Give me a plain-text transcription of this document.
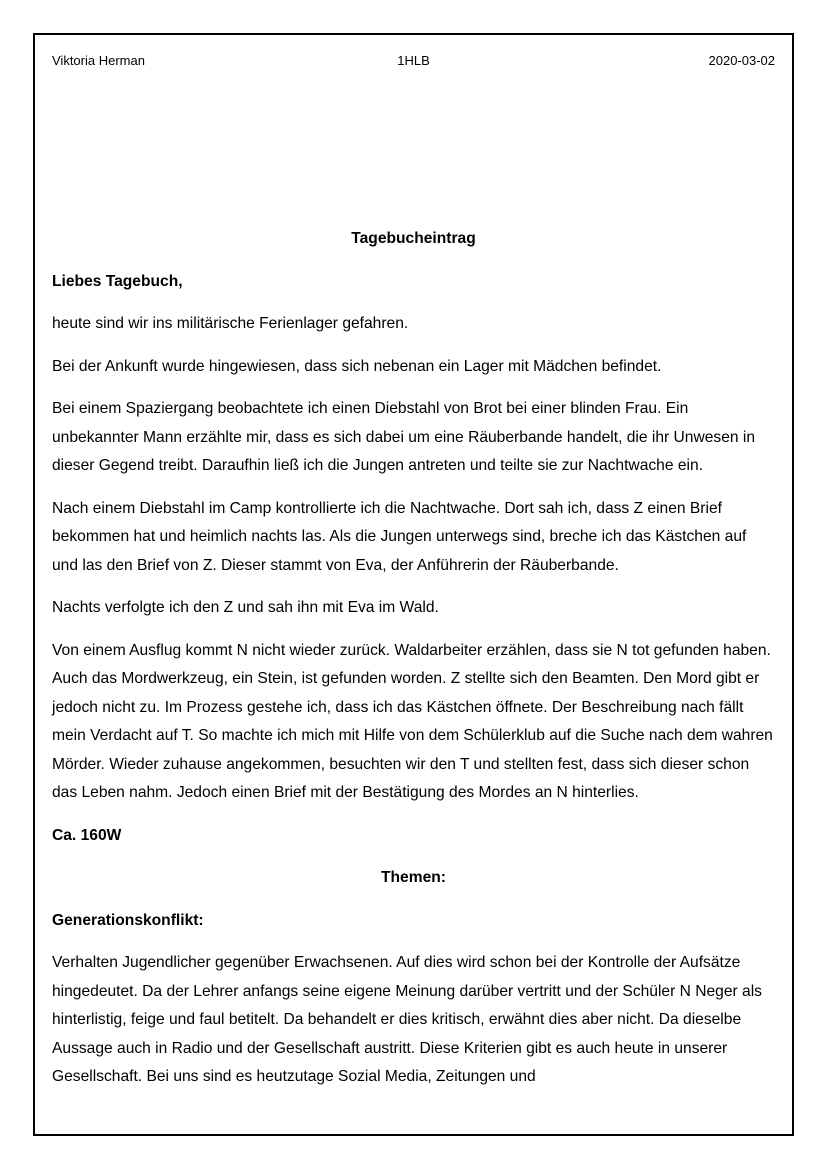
Viktoria Herman	1HLB	2020-03-02

Tagebucheintrag

Liebes Tagebuch,

heute sind wir ins militärische Ferienlager gefahren.

Bei der Ankunft wurde hingewiesen, dass sich nebenan ein Lager mit Mädchen befindet.

Bei einem Spaziergang beobachtete ich einen Diebstahl von Brot bei einer blinden Frau. Ein unbekannter Mann erzählte mir, dass es sich dabei um eine Räuberbande handelt, die ihr Unwesen in dieser Gegend treibt. Daraufhin ließ ich die Jungen antreten und teilte sie zur Nachtwache ein.

Nach einem Diebstahl im Camp kontrollierte ich die Nachtwache. Dort sah ich, dass Z einen Brief bekommen hat und heimlich nachts las. Als die Jungen unterwegs sind, breche ich das Kästchen auf und las den Brief von Z. Dieser stammt von Eva, der Anführerin der Räuberbande.

Nachts verfolgte ich den Z und sah ihn mit Eva im Wald.

Von einem Ausflug kommt N nicht wieder zurück. Waldarbeiter erzählen, dass sie N tot gefunden haben. Auch das Mordwerkzeug, ein Stein, ist gefunden worden. Z stellte sich den Beamten. Den Mord gibt er jedoch nicht zu. Im Prozess gestehe ich, dass ich das Kästchen öffnete. Der Beschreibung nach fällt mein Verdacht auf T. So machte ich mich mit Hilfe von dem Schülerklub auf die Suche nach dem wahren Mörder. Wieder zuhause angekommen, besuchten wir den T und stellten fest, dass sich dieser schon das Leben nahm. Jedoch einen Brief mit der Bestätigung des Mordes an N hinterlies.

Ca. 160W

Themen:

Generationskonflikt:

Verhalten Jugendlicher gegenüber Erwachsenen. Auf dies wird schon bei der Kontrolle der Aufsätze hingedeutet. Da der Lehrer anfangs seine eigene Meinung darüber vertritt und der Schüler N Neger als hinterlistig, feige und faul betitelt. Da behandelt er dies kritisch, erwähnt dies aber nicht. Da dieselbe Aussage auch in Radio und der Gesellschaft austritt. Diese Kriterien gibt es auch heute in unserer Gesellschaft. Bei uns sind es heutzutage Sozial Media, Zeitungen und
